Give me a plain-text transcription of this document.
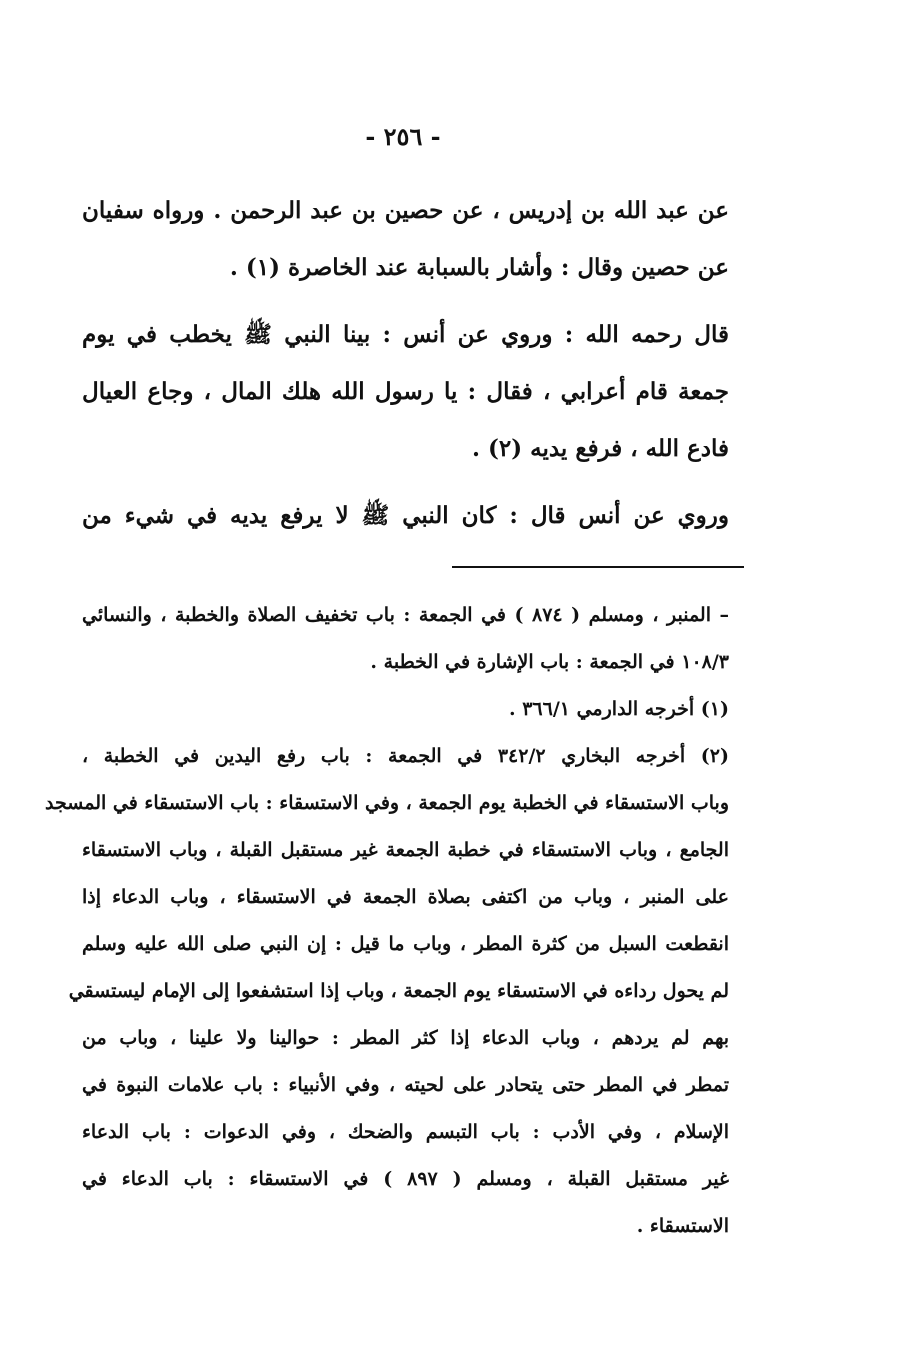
- ٢٥٦ -
عن عبد الله بن إدريس ، عن حصين بن عبد الرحمن . ورواه سفيان
عن حصين وقال : وأشار بالسبابة عند الخاصرة (١) .
قال رحمه الله : وروي عن أنس : بينا النبي ﷺ يخطب في يوم
جمعة قام أعرابي ، فقال : يا رسول الله هلك المال ، وجاع العيال
فادع الله ، فرفع يديه (٢) .
وروي عن أنس قال : كان النبي ﷺ لا يرفع يديه في شيء من
– المنبر ، ومسلم ( ٨٧٤ ) في الجمعة : باب تخفيف الصلاة والخطبة ، والنسائي
١٠٨/٣ في الجمعة : باب الإشارة في الخطبة .
(١) أخرجه الدارمي ٣٦٦/١ .
(٢) أخرجه البخاري ٣٤٢/٢ في الجمعة : باب رفع اليدين في الخطبة ،
وباب الاستسقاء في الخطبة يوم الجمعة ، وفي الاستسقاء : باب الاستسقاء في المسجد
الجامع ، وباب الاستسقاء في خطبة الجمعة غير مستقبل القبلة ، وباب الاستسقاء
على المنبر ، وباب من اكتفى بصلاة الجمعة في الاستسقاء ، وباب الدعاء إذا
انقطعت السبل من كثرة المطر ، وباب ما قيل : إن النبي صلى الله عليه وسلم
لم يحول رداءه في الاستسقاء يوم الجمعة ، وباب إذا استشفعوا إلى الإمام ليستسقي
بهم لم يردهم ، وباب الدعاء إذا كثر المطر : حوالينا ولا علينا ، وباب من
تمطر في المطر حتى يتحادر على لحيته ، وفي الأنبياء : باب علامات النبوة في
الإسلام ، وفي الأدب : باب التبسم والضحك ، وفي الدعوات : باب الدعاء
غير مستقبل القبلة ، ومسلم ( ٨٩٧ ) في الاستسقاء : باب الدعاء في
الاستسقاء .
